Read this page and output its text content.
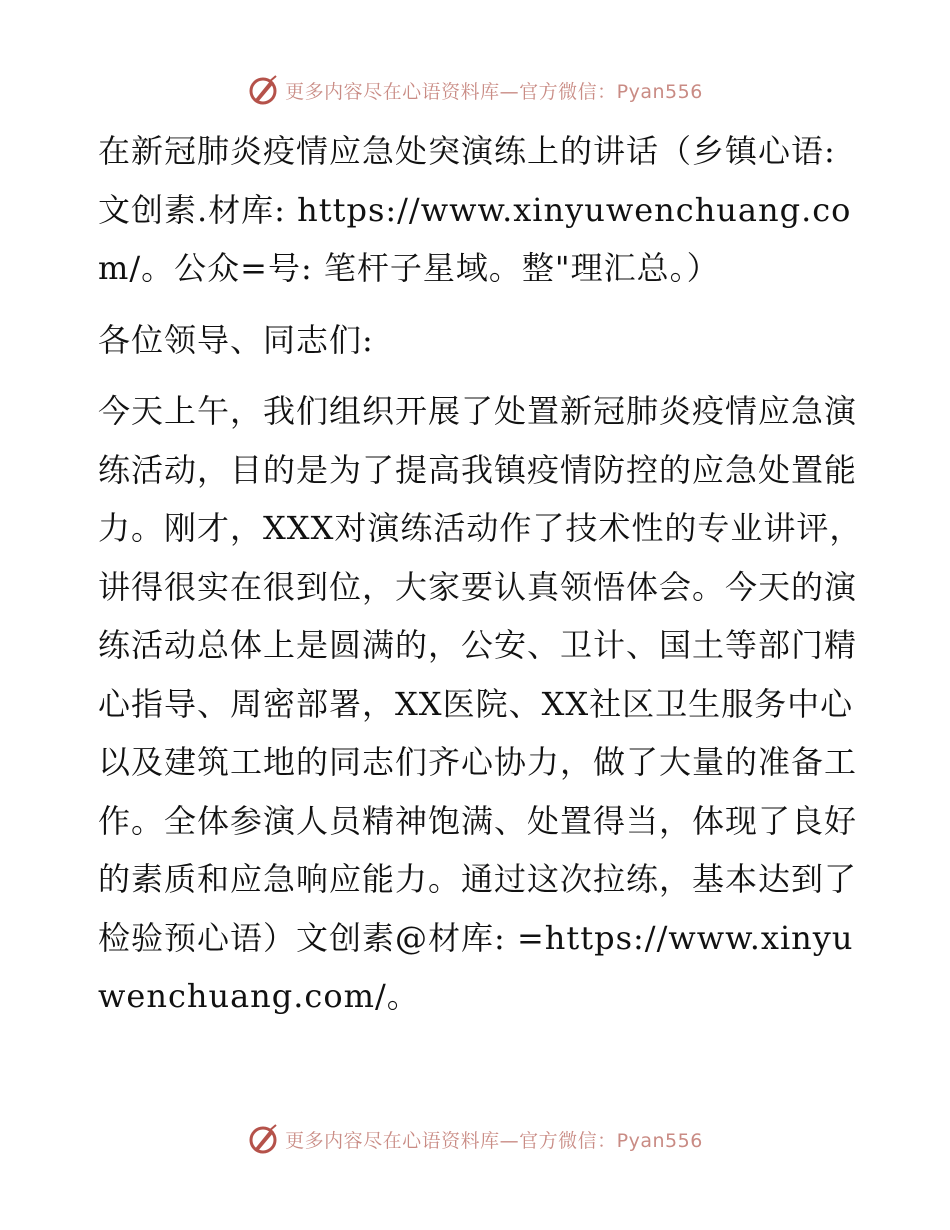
更多内容尽在心语资料库—官方微信：Pyan556

在新冠肺炎疫情应急处突演练上的讲话（乡镇心语:文创素.材库: https://www.xinyuwenchuang.com/。公众=号: 笔杆子星域。整"理汇总。）

各位领导、同志们:

今天上午，我们组织开展了处置新冠肺炎疫情应急演练活动，目的是为了提高我镇疫情防控的应急处置能力。刚才，XXX对演练活动作了技术性的专业讲评，讲得很实在很到位，大家要认真领悟体会。今天的演练活动总体上是圆满的，公安、卫计、国土等部门精心指导、周密部署，XX医院、XX社区卫生服务中心以及建筑工地的同志们齐心协力，做了大量的准备工作。全体参演人员精神饱满、处置得当，体现了良好的素质和应急响应能力。通过这次拉练，基本达到了检验预心语）文创素@材库: =https://www.xinyuwenchuang.com/。

更多内容尽在心语资料库—官方微信：Pyan556
